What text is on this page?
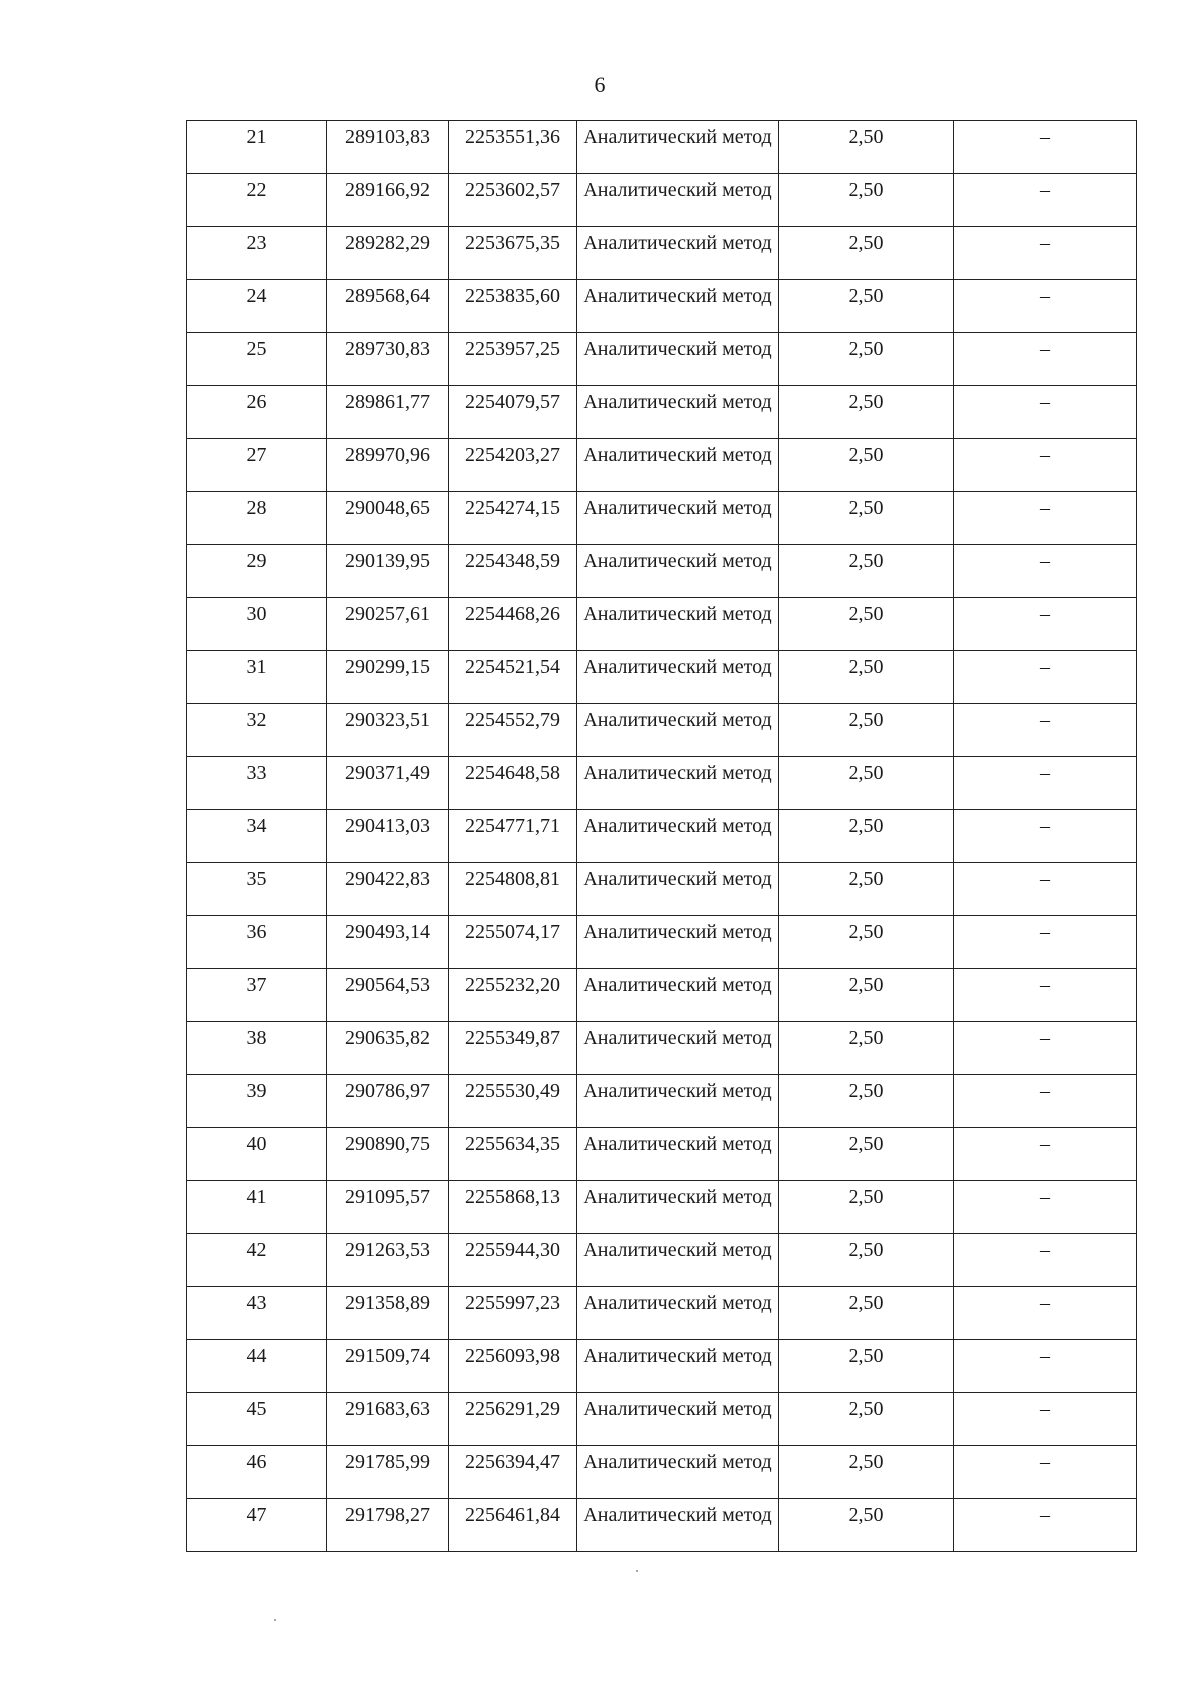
6
21	289103,83	2253551,36	Аналитический метод	2,50	–

22	289166,92	2253602,57	Аналитический метод	2,50	–

23	289282,29	2253675,35	Аналитический метод	2,50	–

24	289568,64	2253835,60	Аналитический метод	2,50	–

25	289730,83	2253957,25	Аналитический метод	2,50	–

26	289861,77	2254079,57	Аналитический метод	2,50	–

27	289970,96	2254203,27	Аналитический метод	2,50	–

28	290048,65	2254274,15	Аналитический метод	2,50	–

29	290139,95	2254348,59	Аналитический метод	2,50	–

30	290257,61	2254468,26	Аналитический метод	2,50	–

31	290299,15	2254521,54	Аналитический метод	2,50	–

32	290323,51	2254552,79	Аналитический метод	2,50	–

33	290371,49	2254648,58	Аналитический метод	2,50	–

34	290413,03	2254771,71	Аналитический метод	2,50	–

35	290422,83	2254808,81	Аналитический метод	2,50	–

36	290493,14	2255074,17	Аналитический метод	2,50	–

37	290564,53	2255232,20	Аналитический метод	2,50	–

38	290635,82	2255349,87	Аналитический метод	2,50	–

39	290786,97	2255530,49	Аналитический метод	2,50	–

40	290890,75	2255634,35	Аналитический метод	2,50	–

41	291095,57	2255868,13	Аналитический метод	2,50	–

42	291263,53	2255944,30	Аналитический метод	2,50	–

43	291358,89	2255997,23	Аналитический метод	2,50	–

44	291509,74	2256093,98	Аналитический метод	2,50	–

45	291683,63	2256291,29	Аналитический метод	2,50	–

46	291785,99	2256394,47	Аналитический метод	2,50	–

47	291798,27	2256461,84	Аналитический метод	2,50	–
